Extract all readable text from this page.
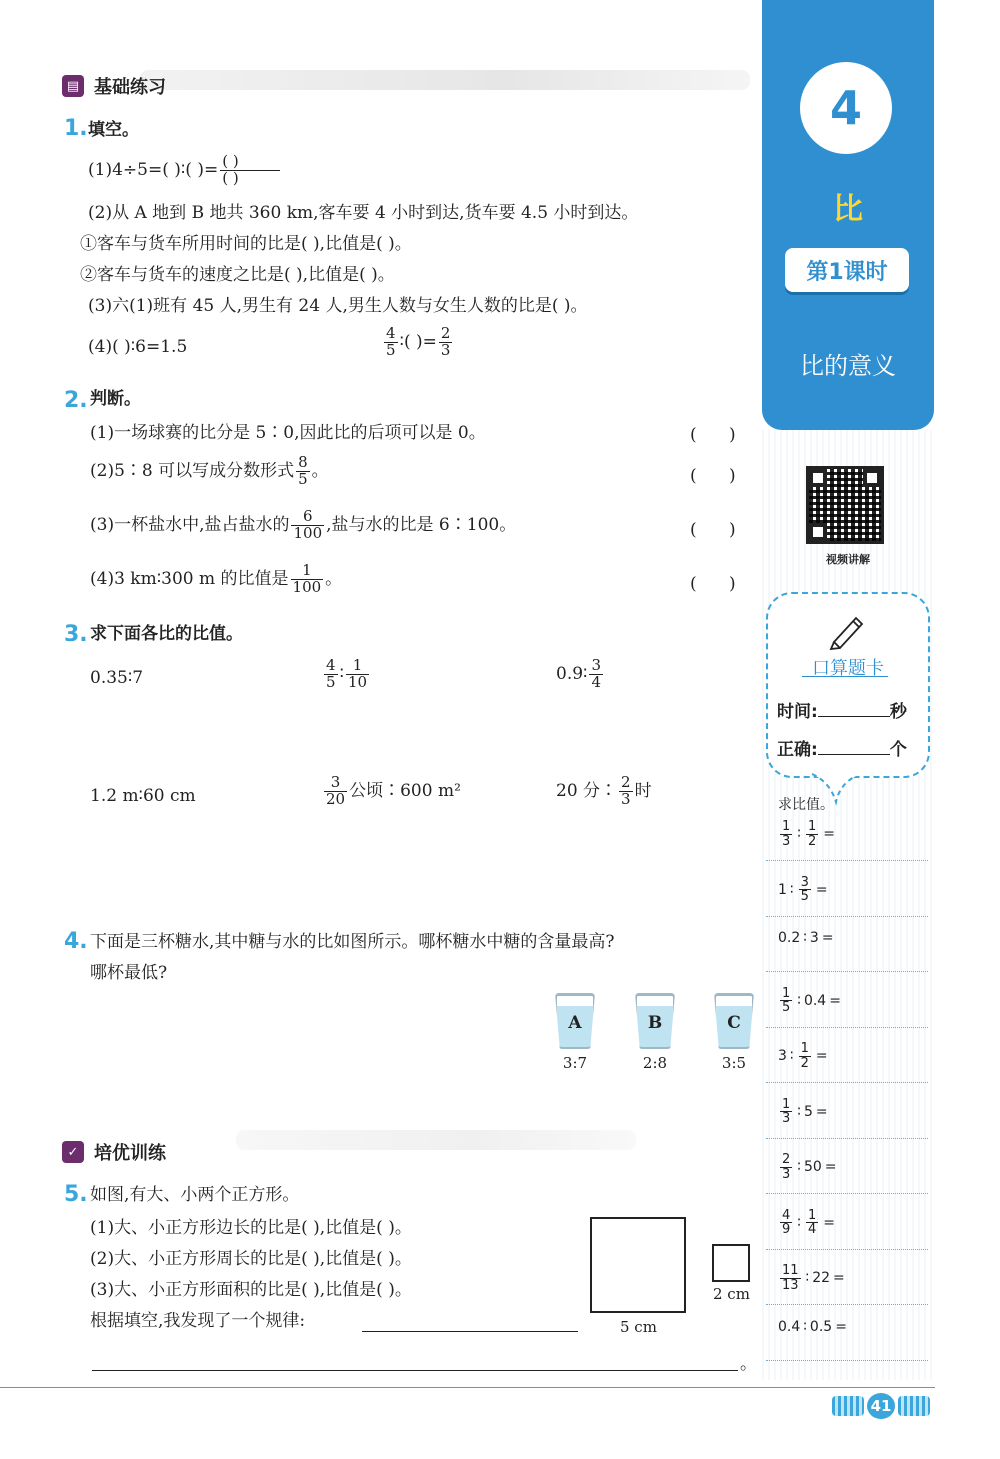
4
比
第1课时
比的意义
视频讲解
口算题卡
时间:	秒
正确:	个
求比值。
$\frac{1}{3}$ ∶ $\frac{1}{2}$ =
1 ∶ $\frac{3}{5}$ =
0.2 ∶ 3 =
$\frac{1}{5}$ ∶ 0.4 =
3 ∶ $\frac{1}{2}$ =
$\frac{1}{3}$ ∶ 5 =
$\frac{2}{3}$ ∶ 50 =
$\frac{4}{9}$ ∶ $\frac{1}{4}$ =
$\frac{11}{13}$ ∶ 22 =
0.4 ∶ 0.5 =
▤ 基础练习
1. 填空。
(1)4÷5=( )∶( )= $\frac{( )}{( )}$
(2)从 A 地到 B 地共 360 km,客车要 4 小时到达,货车要 4.5 小时到达。
①客车与货车所用时间的比是( ),比值是( )。
②客车与货车的速度之比是( ),比值是( )。
(3)六(1)班有 45 人,男生有 24 人,男生人数与女生人数的比是( )。
(4)( )∶6=1.5	$\frac{4}{5}$ ∶( )= $\frac{2}{3}$
2. 判断。
(1)一场球赛的比分是 5∶0,因此比的后项可以是 0。	(      )
(2)5∶8 可以写成分数形式 $\frac{8}{5}$ 。	(      )
(3)一杯盐水中,盐占盐水的 $\frac{6}{100}$ ,盐与水的比是 6∶100。	(      )
(4)3 km∶300 m 的比值是 $\frac{1}{100}$ 。	(      )
3. 求下面各比的比值。
0.35∶7	$\frac{4}{5}$ ∶ $\frac{1}{10}$	0.9∶ $\frac{3}{4}$
1.2 m∶60 cm	$\frac{3}{20}$ 公顷∶600 m²	20 分∶ $\frac{2}{3}$ 时
4. 下面是三杯糖水,其中糖与水的比如图所示。哪杯糖水中糖的含量最高?
哪杯最低?
A
3:7
B
2:8
C
3:5
✓ 培优训练
5. 如图,有大、小两个正方形。
(1)大、小正方形边长的比是( ),比值是( )。
(2)大、小正方形周长的比是( ),比值是( )。
(3)大、小正方形面积的比是( ),比值是( )。
根据填空,我发现了一个规律:
。
5 cm
2 cm
41
